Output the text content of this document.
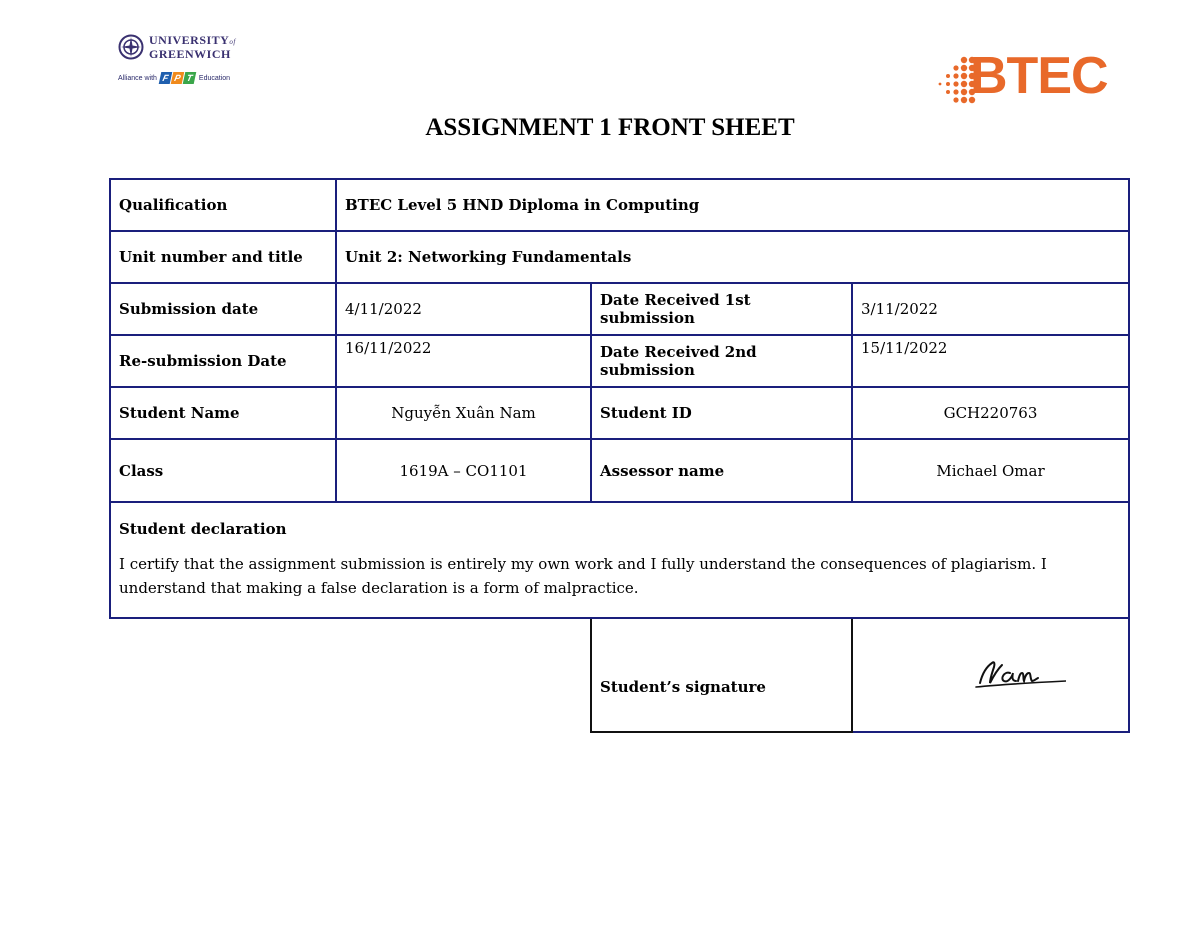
UNIVERSITYof
GREENWICH
Alliance with F P T Education	BTEC
ASSIGNMENT 1 FRONT SHEET
Qualification	BTEC Level 5 HND Diploma in Computing		
Unit number and title	Unit 2: Networking Fundamentals		
Submission date	4/11/2022	Date Received 1st submission	3/11/2022
Re-submission Date	16/11/2022	Date Received 2nd submission	15/11/2022
Student Name	Nguyễn Xuân Nam	Student ID	GCH220763
Class	1619A – CO1101	Assessor name	Michael Omar

Student declaration
I certify that the assignment submission is entirely my own work and I fully understand the consequences of plagiarism. I understand that making a false declaration is a form of malpractice.			

		Student’s signature	
